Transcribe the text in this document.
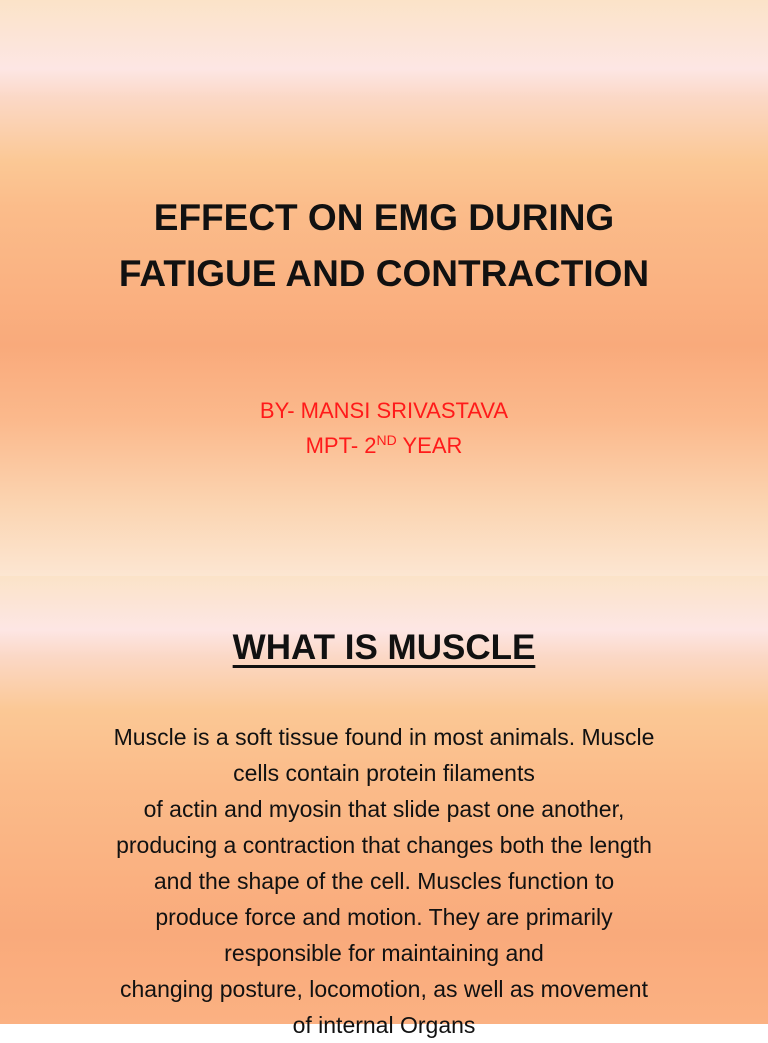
EFFECT ON EMG DURING
FATIGUE AND CONTRACTION
BY- MANSI SRIVASTAVA
MPT- 2ND YEAR
WHAT IS MUSCLE
Muscle is a soft tissue found in most animals. Muscle
cells contain protein filaments
of actin and myosin that slide past one another,
producing a contraction that changes both the length
and the shape of the cell. Muscles function to
produce force and motion. They are primarily
responsible for maintaining and
changing posture, locomotion, as well as movement
of internal Organs
